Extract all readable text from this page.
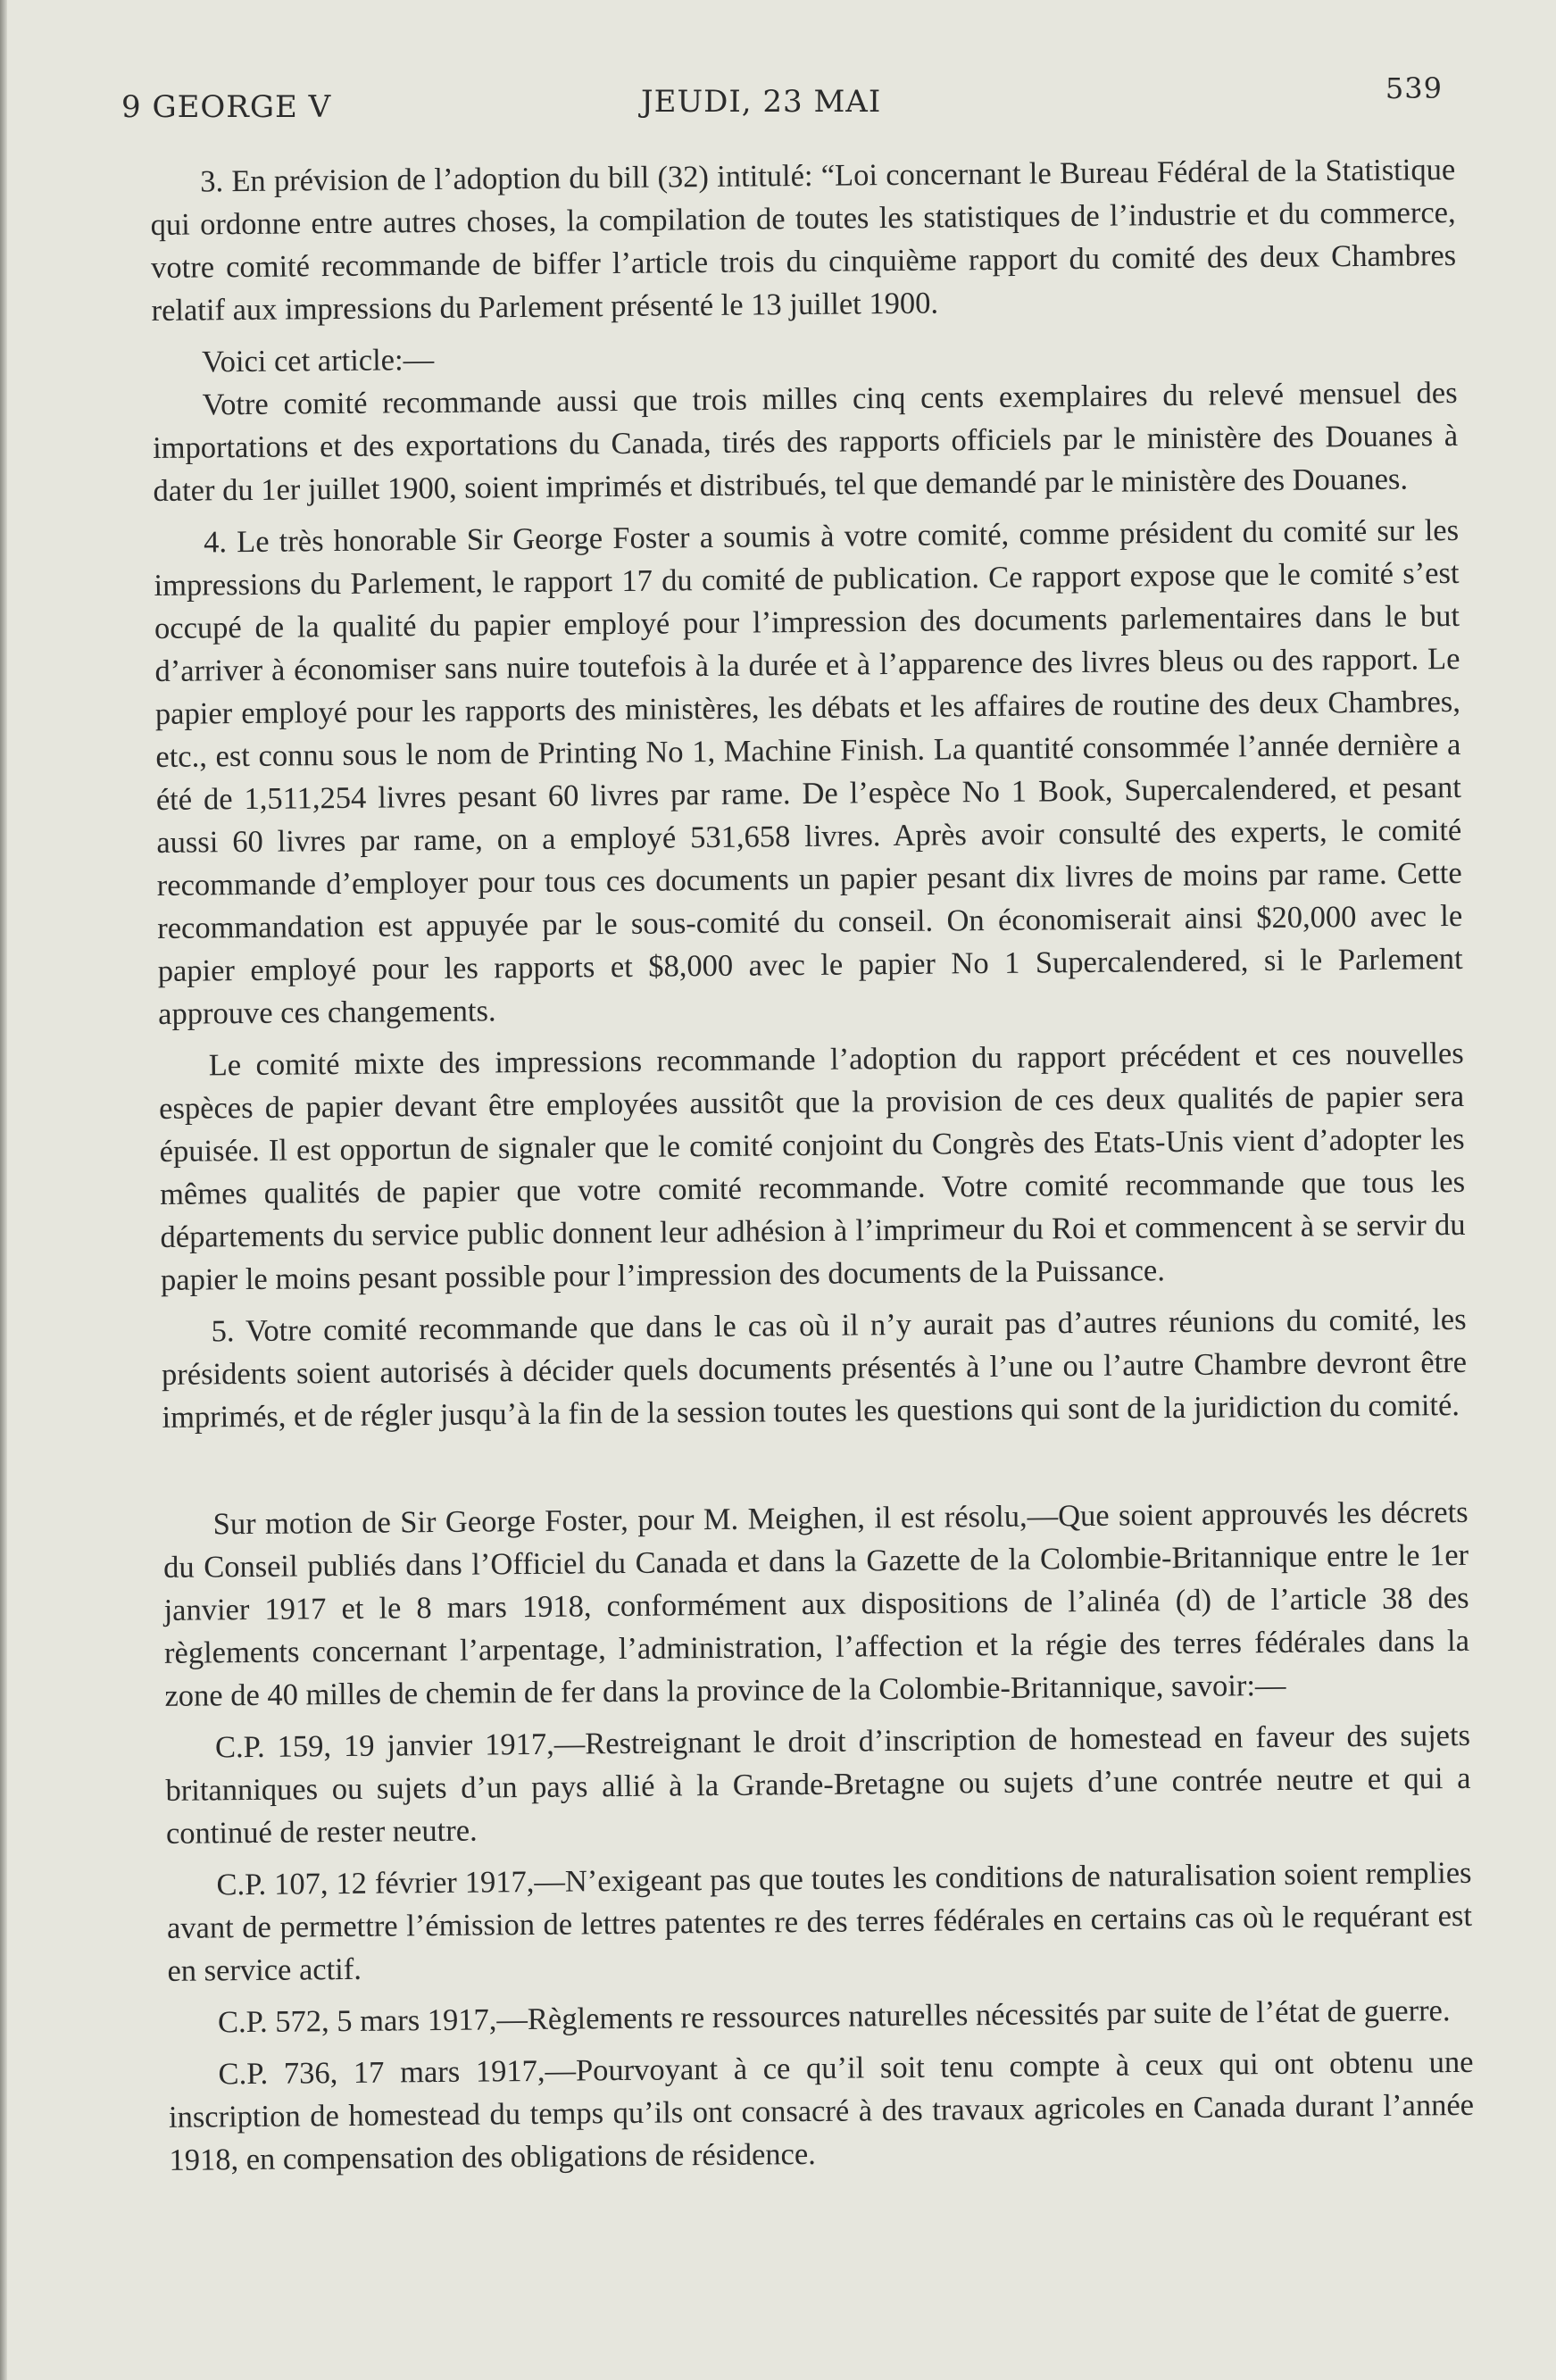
9 GEORGE V	JEUDI, 23 MAI	539

3. En prévision de l’adoption du bill (32) intitulé: “Loi concernant le Bureau Fédéral de la Statistique qui ordonne entre autres choses, la compilation de toutes les statistiques de l’industrie et du commerce, votre comité recommande de biffer l’article trois du cinquième rapport du comité des deux Chambres relatif aux impressions du Parlement présenté le 13 juillet 1900.

Voici cet article:—

Votre comité recommande aussi que trois milles cinq cents exemplaires du relevé mensuel des importations et des exportations du Canada, tirés des rapports officiels par le ministère des Douanes à dater du 1er juillet 1900, soient imprimés et distribués, tel que demandé par le ministère des Douanes.

4. Le très honorable Sir George Foster a soumis à votre comité, comme président du comité sur les impressions du Parlement, le rapport 17 du comité de publication. Ce rapport expose que le comité s’est occupé de la qualité du papier employé pour l’impression des documents parlementaires dans le but d’arriver à économiser sans nuire toutefois à la durée et à l’apparence des livres bleus ou des rapport. Le papier employé pour les rapports des ministères, les débats et les affaires de routine des deux Chambres, etc., est connu sous le nom de Printing No 1, Machine Finish. La quantité consommée l’année dernière a été de 1,511,254 livres pesant 60 livres par rame. De l’espèce No 1 Book, Supercalendered, et pesant aussi 60 livres par rame, on a employé 531,658 livres. Après avoir consulté des experts, le comité recommande d’employer pour tous ces documents un papier pesant dix livres de moins par rame. Cette recommandation est appuyée par le sous-comité du conseil. On économiserait ainsi $20,000 avec le papier employé pour les rapports et $8,000 avec le papier No 1 Supercalendered, si le Parlement approuve ces changements.

Le comité mixte des impressions recommande l’adoption du rapport précédent et ces nouvelles espèces de papier devant être employées aussitôt que la provision de ces deux qualités de papier sera épuisée. Il est opportun de signaler que le comité conjoint du Congrès des Etats-Unis vient d’adopter les mêmes qualités de papier que votre comité recommande. Votre comité recommande que tous les départements du service public donnent leur adhésion à l’imprimeur du Roi et commencent à se servir du papier le moins pesant possible pour l’impression des documents de la Puissance.

5. Votre comité recommande que dans le cas où il n’y aurait pas d’autres réunions du comité, les présidents soient autorisés à décider quels documents présentés à l’une ou l’autre Chambre devront être imprimés, et de régler jusqu’à la fin de la session toutes les questions qui sont de la juridiction du comité.

Sur motion de Sir George Foster, pour M. Meighen, il est résolu,—Que soient approuvés les décrets du Conseil publiés dans l’Officiel du Canada et dans la Gazette de la Colombie-Britannique entre le 1er janvier 1917 et le 8 mars 1918, conformément aux dispositions de l’alinéa (d) de l’article 38 des règlements concernant l’arpentage, l’administration, l’affection et la régie des terres fédérales dans la zone de 40 milles de chemin de fer dans la province de la Colombie-Britannique, savoir:—

C.P. 159, 19 janvier 1917,—Restreignant le droit d’inscription de homestead en faveur des sujets britanniques ou sujets d’un pays allié à la Grande-Bretagne ou sujets d’une contrée neutre et qui a continué de rester neutre.

C.P. 107, 12 février 1917,—N’exigeant pas que toutes les conditions de naturalisation soient remplies avant de permettre l’émission de lettres patentes re des terres fédérales en certains cas où le requérant est en service actif.

C.P. 572, 5 mars 1917,—Règlements re ressources naturelles nécessités par suite de l’état de guerre.

C.P. 736, 17 mars 1917,—Pourvoyant à ce qu’il soit tenu compte à ceux qui ont obtenu une inscription de homestead du temps qu’ils ont consacré à des travaux agricoles en Canada durant l’année 1918, en compensation des obligations de résidence.
